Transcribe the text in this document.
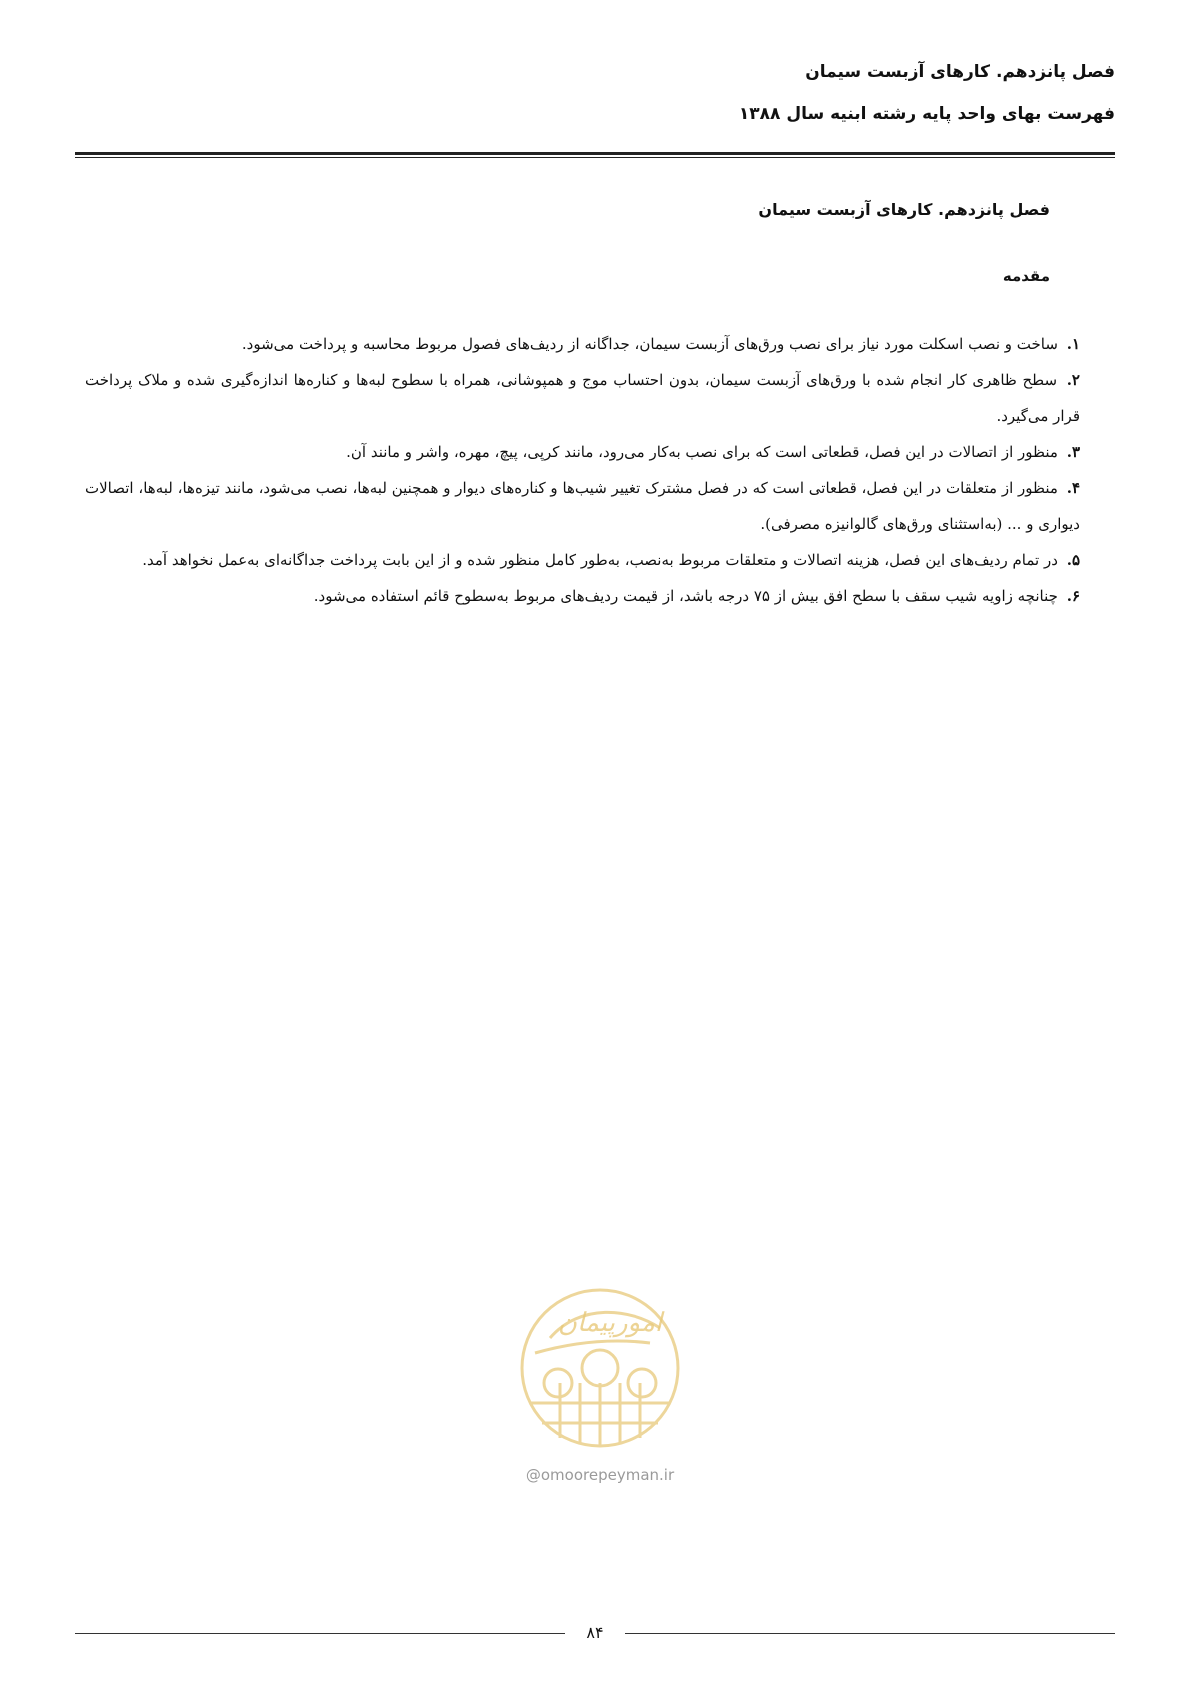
فصل پانزدهم. کارهای آزبست سیمان
فهرست بهای واحد پایه رشته ابنیه سال ۱۳۸۸
فصل پانزدهم. کارهای آزبست سیمان
مقدمه
۱. ساخت و نصب اسکلت مورد نیاز برای نصب ورق‌های آزبست سیمان، جداگانه از ردیف‌های فصول مربوط محاسبه و پرداخت می‌شود.
۲. سطح ظاهری کار انجام شده با ورق‌های آزبست سیمان، بدون احتساب موج و همپوشانی، همراه با سطوح لبه‌ها و کناره‌ها اندازه‌گیری شده و ملاک پرداخت قرار می‌گیرد.
۳. منظور از اتصالات در این فصل، قطعاتی است که برای نصب به‌کار می‌رود، مانند کرپی، پیچ، مهره، واشر و مانند آن.
۴. منظور از متعلقات در این فصل، قطعاتی است که در فصل مشترک تغییر شیب‌ها و کناره‌های دیوار و همچنین لبه‌ها، نصب می‌شود، مانند تیزه‌ها، لبه‌ها، اتصالات دیواری و ... (به‌استثنای ورق‌های گالوانیزه مصرفی).
۵. در تمام ردیف‌های این فصل، هزینه اتصالات و متعلقات مربوط به‌نصب، به‌طور کامل منظور شده و از این بابت پرداخت جداگانه‌ای به‌عمل نخواهد آمد.
۶. چنانچه زاویه شیب سقف با سطح افق بیش از ۷۵ درجه باشد، از قیمت ردیف‌های مربوط به‌سطوح قائم استفاده می‌شود.
امورپیمان
@omoorepeyman.ir
۸۴
